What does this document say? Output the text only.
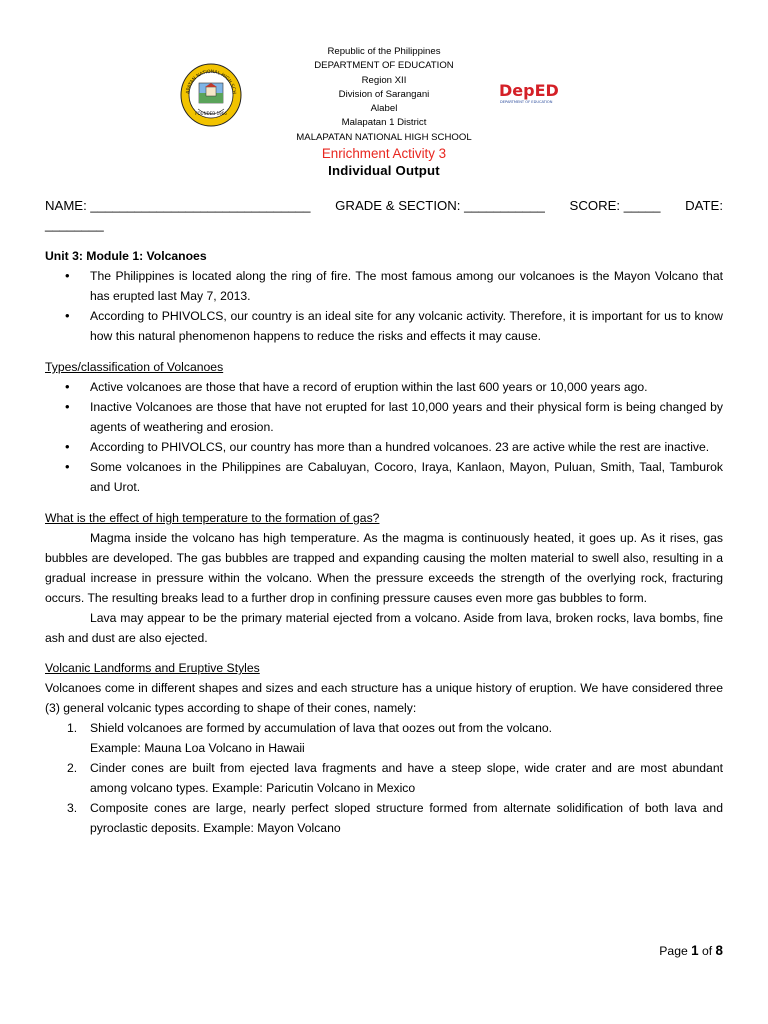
APATAN NATIONAL HIGH SCH
FOUNDED 1966
DepED
DEPARTMENT OF EDUCATION
Republic of the Philippines
DEPARTMENT OF EDUCATION
Region XII
Division of Sarangani
Alabel
Malapatan 1 District
MALAPATAN NATIONAL HIGH SCHOOL
Enrichment Activity 3
Individual Output
NAME: ______________________________ GRADE & SECTION: ___________ SCORE: _____ DATE:
________

Unit 3: Module 1: Volcanoes

• The Philippines is located along the ring of fire. The most famous among our volcanoes is the Mayon Volcano that has erupted last May 7, 2013.
• According to PHIVOLCS, our country is an ideal site for any volcanic activity. Therefore, it is important for us to know how this natural phenomenon happens to reduce the risks and effects it may cause.

Types/classification of Volcanoes

• Active volcanoes are those that have a record of eruption within the last 600 years or 10,000 years ago.
• Inactive Volcanoes are those that have not erupted for last 10,000 years and their physical form is being changed by agents of weathering and erosion.
• According to PHIVOLCS, our country has more than a hundred volcanoes. 23 are active while the rest are inactive.
• Some volcanoes in the Philippines are Cabaluyan, Cocoro, Iraya, Kanlaon, Mayon, Puluan, Smith, Taal, Tamburok and Urot.

What is the effect of high temperature to the formation of gas?

Magma inside the volcano has high temperature. As the magma is continuously heated, it goes up. As it rises, gas bubbles are developed. The gas bubbles are trapped and expanding causing the molten material to swell also, resulting in a gradual increase in pressure within the volcano. When the pressure exceeds the strength of the overlying rock, fracturing occurs. The resulting breaks lead to a further drop in confining pressure causes even more gas bubbles to form.

Lava may appear to be the primary material ejected from a volcano. Aside from lava, broken rocks, lava bombs, fine ash and dust are also ejected.

Volcanic Landforms and Eruptive Styles

Volcanoes come in different shapes and sizes and each structure has a unique history of eruption. We have considered three (3) general volcanic types according to shape of their cones, namely:

1. Shield volcanoes are formed by accumulation of lava that oozes out from the volcano.
Example: Mauna Loa Volcano in Hawaii
2. Cinder cones are built from ejected lava fragments and have a steep slope, wide crater and are most abundant among volcano types. Example: Paricutin Volcano in Mexico
3. Composite cones are large, nearly perfect sloped structure formed from alternate solidification of both lava and pyroclastic deposits. Example: Mayon Volcano
Page 1 of 8
